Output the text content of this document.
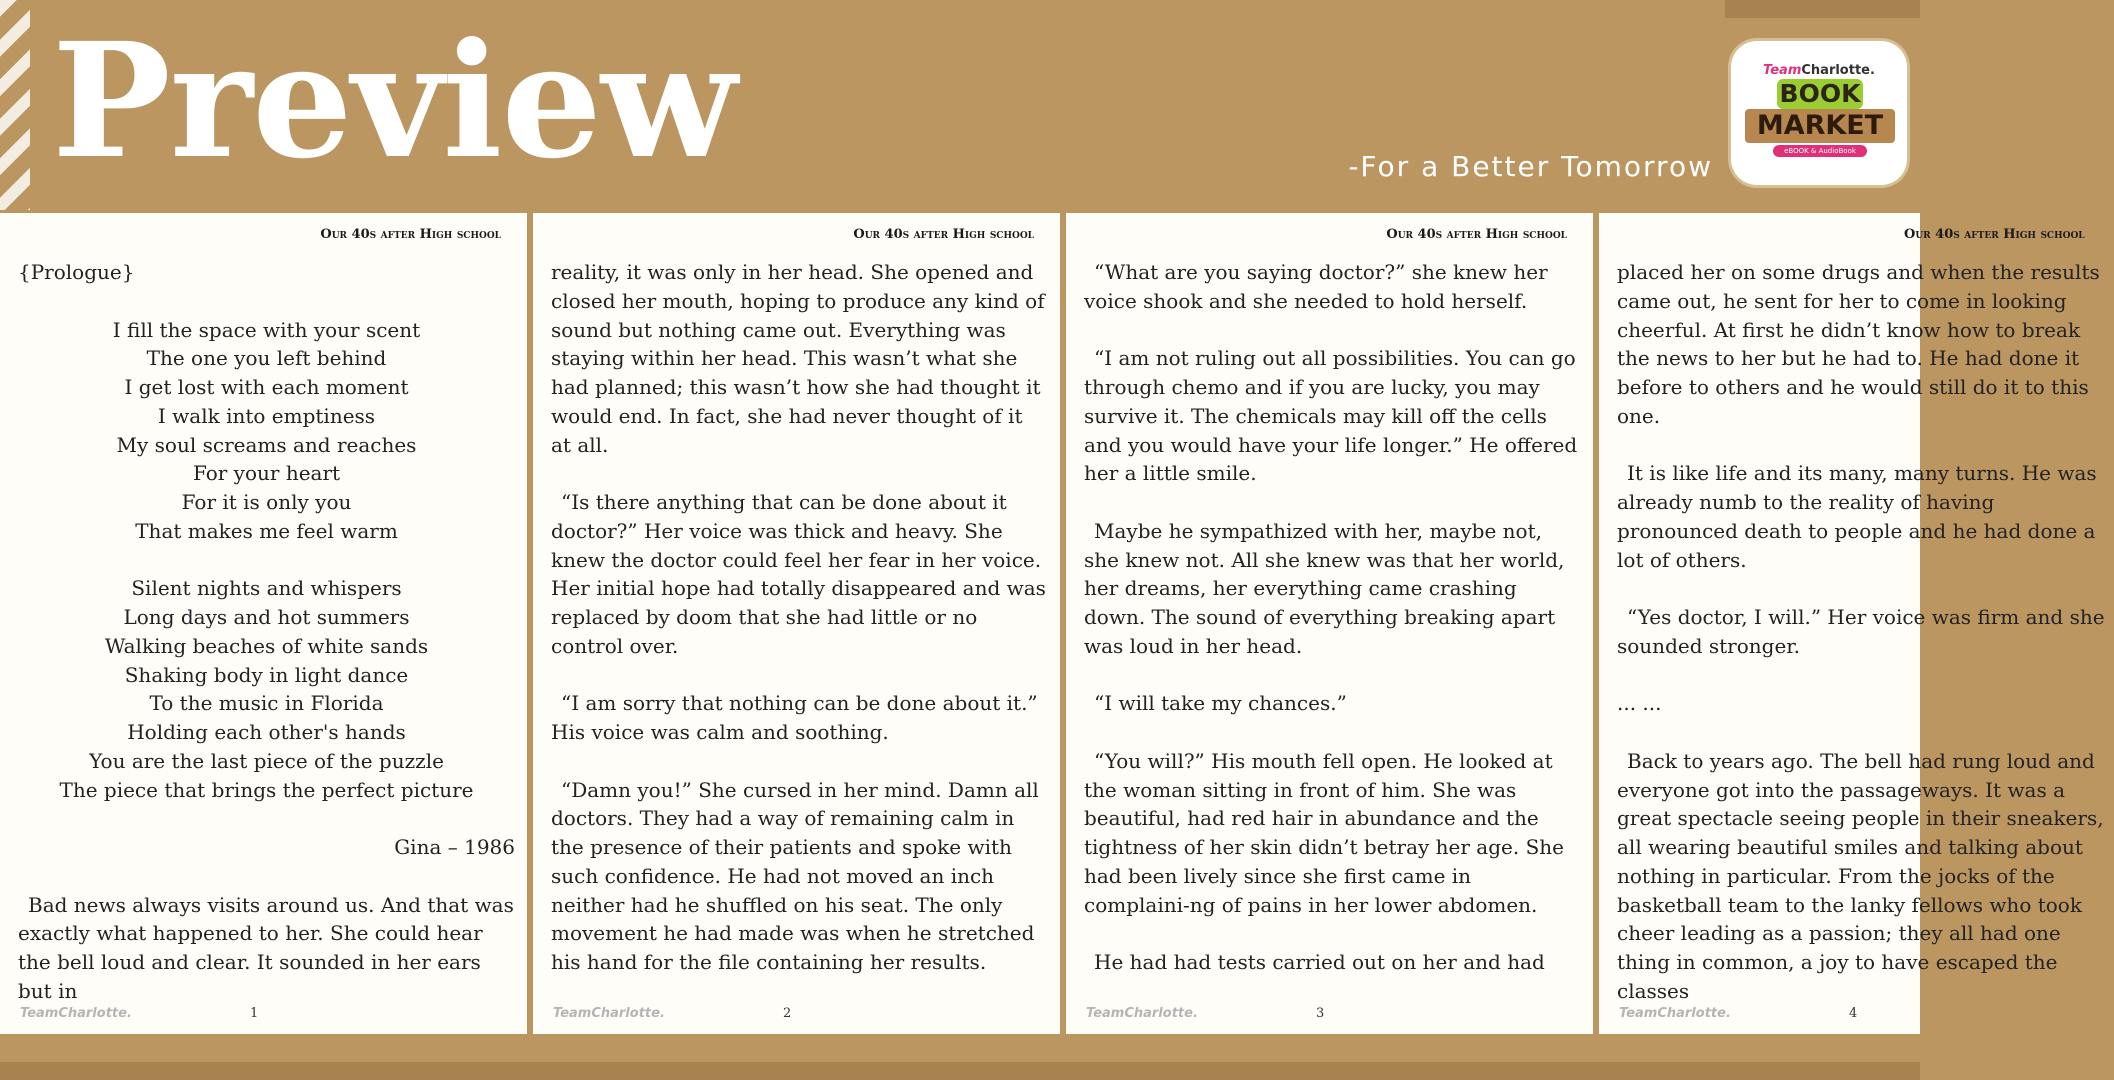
Preview	-For a Better Tomorrow
TeamCharlotte.
BOOK
MARKET
eBOOK & AudioBook
Our 40s after High school
{Prologue}
I fill the space with your scent
The one you left behind
I get lost with each moment
I walk into emptiness
My soul screams and reaches
For your heart
For it is only you
That makes me feel warm
Silent nights and whispers
Long days and hot summers
Walking beaches of white sands
Shaking body in light dance
To the music in Florida
Holding each other's hands
You are the last piece of the puzzle
The piece that brings the perfect picture
Gina – 1986

Bad news always visits around us. And that was exactly what happened to her. She could hear the bell loud and clear. It sounded in her ears but in

TeamCharlotte.	1
Our 40s after High school

reality, it was only in her head. She opened and closed her mouth, hoping to produce any kind of sound but nothing came out. Everything was staying within her head. This wasn’t what she had planned; this wasn’t how she had thought it would end. In fact, she had never thought of it at all.

“Is there anything that can be done about it doctor?” Her voice was thick and heavy. She knew the doctor could feel her fear in her voice. Her initial hope had totally disappeared and was replaced by doom that she had little or no control over.

“I am sorry that nothing can be done about it.” His voice was calm and soothing.

“Damn you!” She cursed in her mind. Damn all doctors. They had a way of remaining calm in the presence of their patients and spoke with such confidence. He had not moved an inch neither had he shuffled on his seat. The only movement he had made was when he stretched his hand for the file containing her results.

TeamCharlotte.	2
Our 40s after High school

“What are you saying doctor?” she knew her voice shook and she needed to hold herself.

“I am not ruling out all possibilities. You can go through chemo and if you are lucky, you may survive it. The chemicals may kill off the cells and you would have your life longer.” He offered her a little smile.

Maybe he sympathized with her, maybe not, she knew not. All she knew was that her world, her dreams, her everything came crashing down. The sound of everything breaking apart was loud in her head.

“I will take my chances.”

“You will?” His mouth fell open. He looked at the woman sitting in front of him. She was beautiful, had red hair in abundance and the tightness of her skin didn’t betray her age. She had been lively since she first came in complaini-ng of pains in her lower abdomen.

He had had tests carried out on her and had

TeamCharlotte.	3
Our 40s after High school

placed her on some drugs and when the results came out, he sent for her to come in looking cheerful. At first he didn’t know how to break the news to her but he had to. He had done it before to others and he would still do it to this one.

It is like life and its many, many turns. He was already numb to the reality of having pronounced death to people and he had done a lot of others.

“Yes doctor, I will.” Her voice was firm and she sounded stronger.

... ...

Back to years ago. The bell had rung loud and everyone got into the passageways. It was a great spectacle seeing people in their sneakers, all wearing beautiful smiles and talking about nothing in particular. From the jocks of the basketball team to the lanky fellows who took cheer leading as a passion; they all had one thing in common, a joy to have escaped the classes

TeamCharlotte.	4
